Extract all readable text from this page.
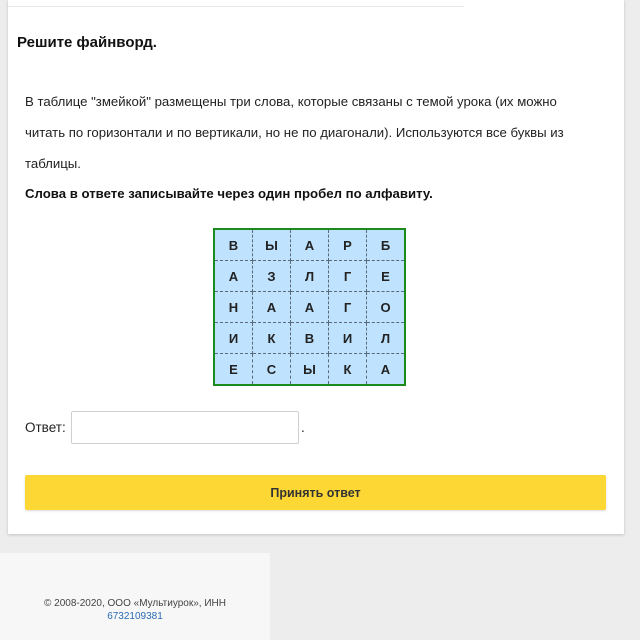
Решите файнворд.

В таблице "змейкой" размещены три слова, которые связаны с темой урока (их можно читать по горизонтали и по вертикали, но не по диагонали). Используются все буквы из таблицы.

Слова в ответе записывайте через один пробел по алфавиту.

В	Ы	А	Р	Б
А	З	Л	Г	Е
Н	А	А	Г	О
И	К	В	И	Л
Е	С	Ы	К	А
Ответ:	.
Принять ответ
© 2008-2020, ООО «Мультиурок», ИНН
6732109381
